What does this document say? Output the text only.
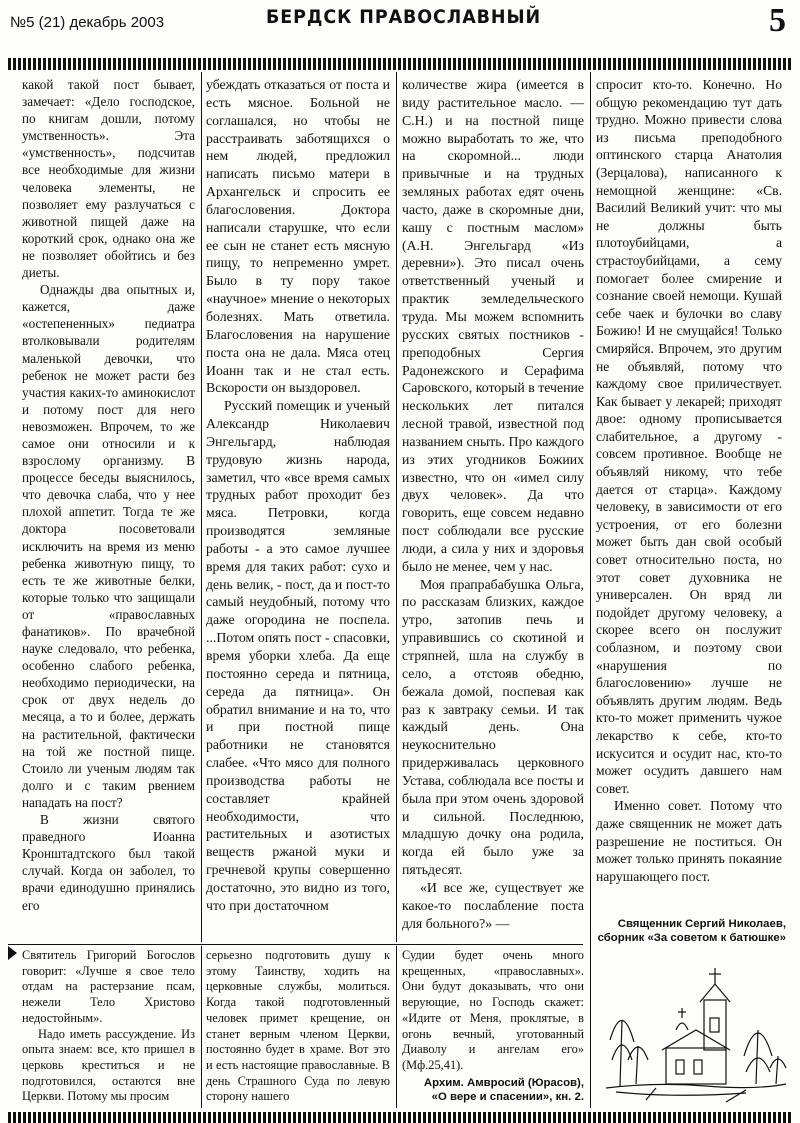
№5 (21) декабрь 2003	БЕРДСК ПРАВОСЛАВНЫЙ	5

какой такой пост бывает, замечает: «Дело господское, по книгам дошли, потому умственность». Эта «умственность», подсчитав все необходимые для жизни человека элементы, не позволяет ему разлучаться с животной пищей даже на короткий срок, однако она же не позволяет обойтись и без диеты.

Однажды два опытных и, кажется, даже «остепененных» педиатра втолковывали родителям маленькой девочки, что ребенок не может расти без участия каких-то аминокислот и потому пост для него невозможен. Впрочем, то же самое они относили и к взрослому организму. В процессе беседы выяснилось, что девочка слаба, что у нее плохой аппетит. Тогда те же доктора посоветовали исключить на время из меню ребенка животную пищу, то есть те же животные белки, которые только что защищали от «православных фанатиков». По врачебной науке следовало, что ребенка, особенно слабого ребенка, необходимо периодически, на срок от двух недель до месяца, а то и более, держать на растительной, фактически на той же постной пище. Стоило ли ученым людям так долго и с таким рвением нападать на пост?

В жизни святого праведного Иоанна Кронштадтского был такой случай. Когда он заболел, то врачи единодушно принялись его

убеждать отказаться от поста и есть мясное. Больной не соглашался, но чтобы не расстраивать заботящихся о нем людей, предложил написать письмо матери в Архангельск и спросить ее благословения. Доктора написали старушке, что если ее сын не станет есть мясную пищу, то непременно умрет. Было в ту пору такое «научное» мнение о некоторых болезнях. Мать ответила. Благословения на нарушение поста она не дала. Мяса отец Иоанн так и не стал есть. Вскорости он выздоровел.

Русский помещик и ученый Александр Николаевич Энгельгард, наблюдая трудовую жизнь народа, заметил, что «все время самых трудных работ проходит без мяса. Петровки, когда производятся земляные работы - а это самое лучшее время для таких работ: сухо и день велик, - пост, да и пост-то самый неудобный, потому что даже огородина не поспела. ...Потом опять пост - спасовки, время уборки хлеба. Да еще постоянно середа и пятница, середа да пятница». Он обратил внимание и на то, что и при постной пище работники не становятся слабее. «Что мясо для полного производства работы не составляет крайней необходимости, что растительных и азотистых веществ ржаной муки и гречневой крупы совершенно достаточно, это видно из того, что при достаточном

количестве жира (имеется в виду растительное масло. — С.Н.) и на постной пище можно выработать то же, что на скоромной... люди привычные и на трудных земляных работах едят очень часто, даже в скоромные дни, кашу с постным маслом» (А.Н. Энгельгард «Из деревни»). Это писал очень ответственный ученый и практик земледельческого труда. Мы можем вспомнить русских святых постников - преподобных Сергия Радонежского и Серафима Саровского, который в течение нескольких лет питался лесной травой, известной под названием сныть. Про каждого из этих угодников Божиих известно, что он «имел силу двух человек». Да что говорить, еще совсем недавно пост соблюдали все русские люди, а сила у них и здоровья было не менее, чем у нас.

Моя прапрабабушка Ольга, по рассказам близких, каждое утро, затопив печь и управившись со скотиной и стряпней, шла на службу в село, а отстояв обедню, бежала домой, поспевая как раз к завтраку семьи. И так каждый день. Она неукоснительно придерживалась церковного Устава, соблюдала все посты и была при этом очень здоровой и сильной. Последнюю, младшую дочку она родила, когда ей было уже за пятьдесят.

«И все же, существует же какое-то послабление поста для больного?» —

спросит кто-то. Конечно. Но общую рекомендацию тут дать трудно. Можно привести слова из письма преподобного оптинского старца Анатолия (Зерцалова), написанного к немощной женщине: «Св. Василий Великий учит: что мы не должны быть плотоубийцами, а страстоубийцами, а сему помогает более смирение и сознание своей немощи. Кушай себе чаек и булочки во славу Божию! И не смущайся! Только смиряйся. Впрочем, это другим не объявляй, потому что каждому свое приличествует. Как бывает у лекарей; приходят двое: одному прописывается слабительное, а другому - совсем противное. Вообще не объявляй никому, что тебе дается от старца». Каждому человеку, в зависимости от его устроения, от его болезни может быть дан свой особый совет относительно поста, но этот совет духовника не универсален. Он вряд ли подойдет другому человеку, а скорее всего он послужит соблазном, и поэтому свои «нарушения по благословению» лучше не объявлять другим людям. Ведь кто-то может применить чужое лекарство к себе, кто-то искусится и осудит нас, кто-то может осудить давшего нам совет.

Именно совет. Потому что даже священник не может дать разрешение не поститься. Он может только принять покаяние нарушающего пост.

Священник Сергий Николаев,
сборник «За советом к батюшке»

Святитель Григорий Богослов говорит: «Лучше я свое тело отдам на растерзание псам, нежели Тело Христово недостойным».

Надо иметь рассуждение. Из опыта знаем: все, кто пришел в церковь креститься и не подготовился, остаются вне Церкви. Потому мы просим

серьезно подготовить душу к этому Таинству, ходить на церковные службы, молиться. Когда такой подготовленный человек примет крещение, он станет верным членом Церкви, постоянно будет в храме. Вот это и есть настоящие православные. В день Страшного Суда по левую сторону нашего

Судии будет очень много крещенных, «православных». Они будут доказывать, что они верующие, но Господь скажет: «Идите от Меня, проклятые, в огонь вечный, уготованный Диаволу и ангелам его» (Мф.25,41).

Архим. Амвросий (Юрасов),
«О вере и спасении», кн. 2.
